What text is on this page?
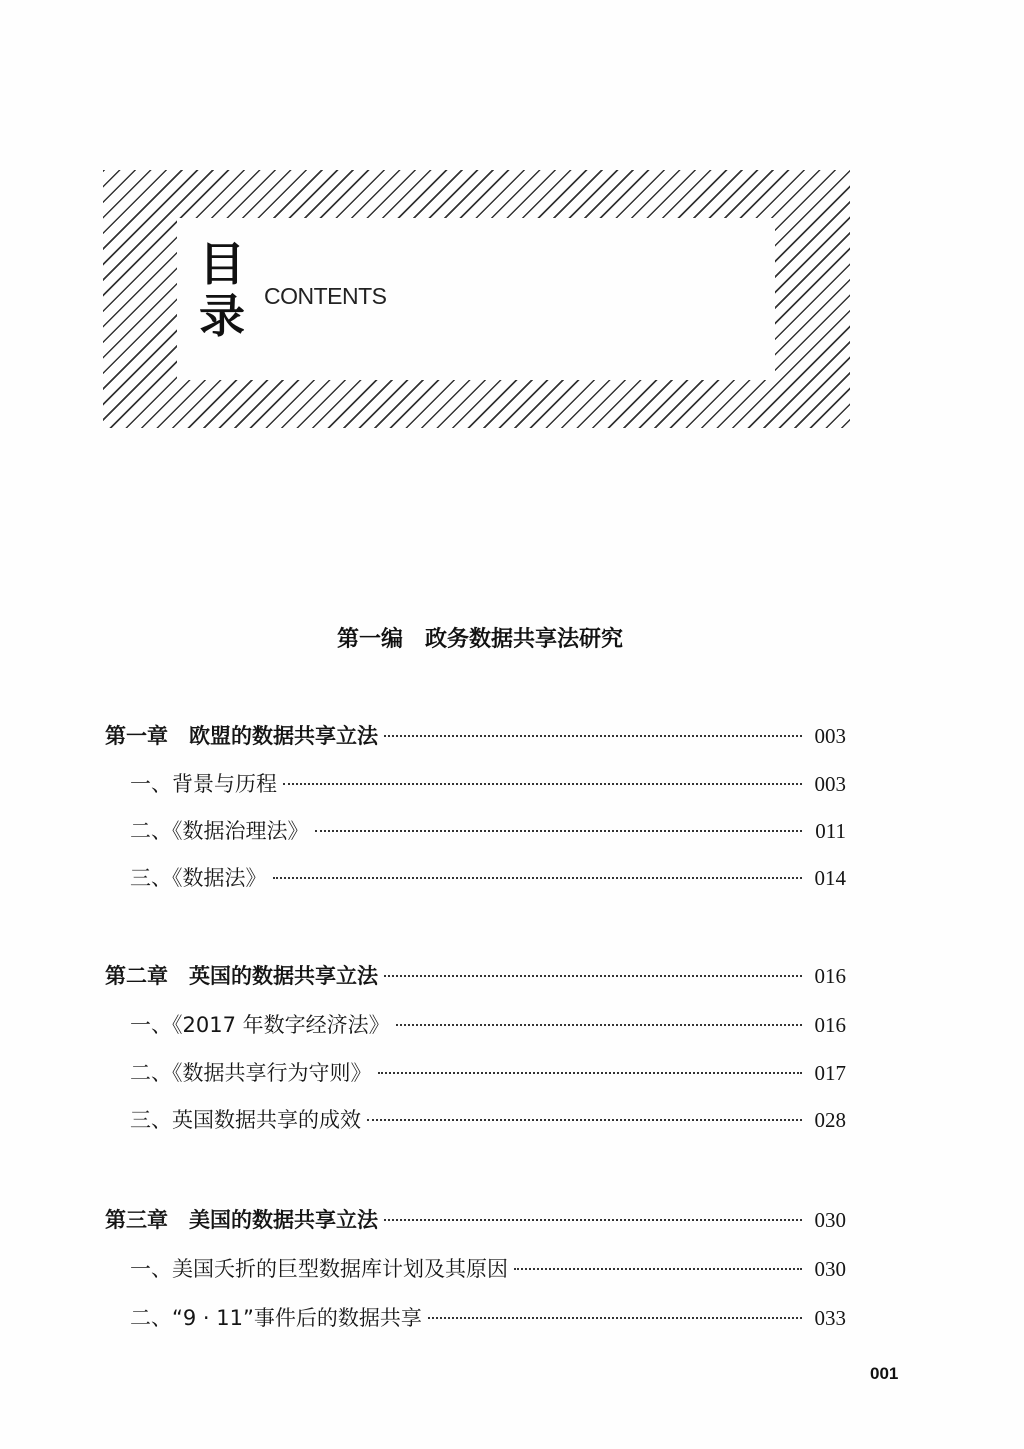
目
录 CONTENTS
第一编　政务数据共享法研究
第一章　欧盟的数据共享立法	003
一、背景与历程	003
二、《数据治理法》	011
三、《数据法》	014
第二章　英国的数据共享立法	016
一、《2017 年数字经济法》	016
二、《数据共享行为守则》	017
三、英国数据共享的成效	028
第三章　美国的数据共享立法	030
一、美国夭折的巨型数据库计划及其原因	030
二、“9 · 11”事件后的数据共享	033
001
